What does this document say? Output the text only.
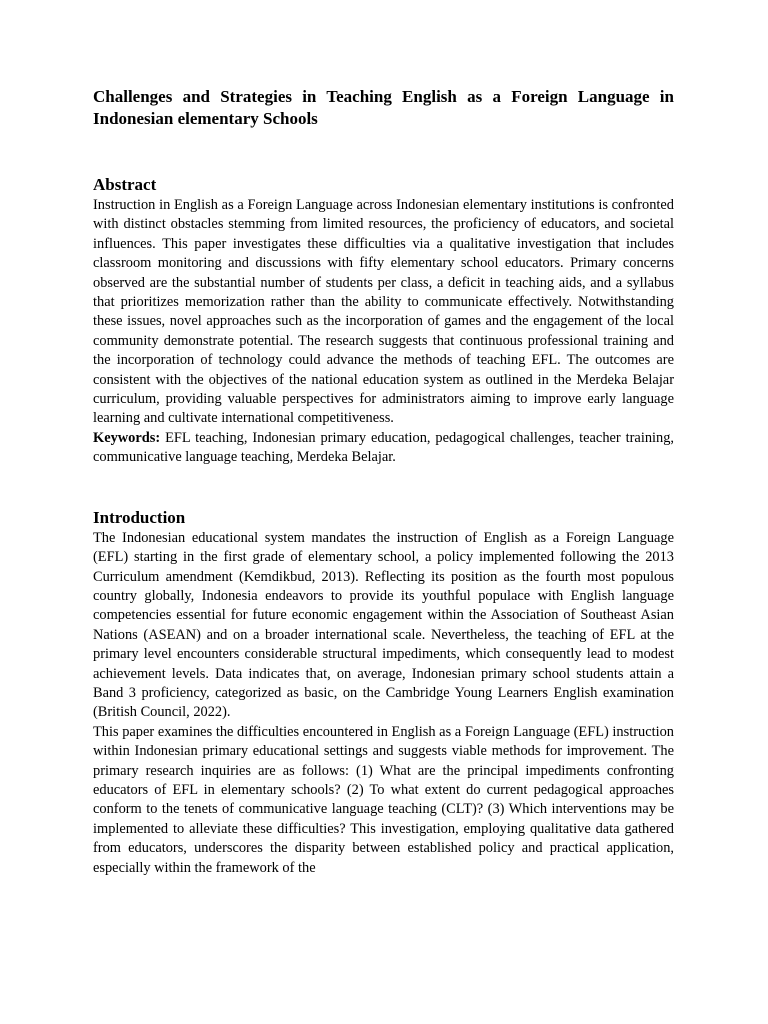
Challenges and Strategies in Teaching English as a Foreign Language in Indonesian elementary Schools
Abstract

Instruction in English as a Foreign Language across Indonesian elementary institutions is confronted with distinct obstacles stemming from limited resources, the proficiency of educators, and societal influences. This paper investigates these difficulties via a qualitative investigation that includes classroom monitoring and discussions with fifty elementary school educators. Primary concerns observed are the substantial number of students per class, a deficit in teaching aids, and a syllabus that prioritizes memorization rather than the ability to communicate effectively. Notwithstanding these issues, novel approaches such as the incorporation of games and the engagement of the local community demonstrate potential. The research suggests that continuous professional training and the incorporation of technology could advance the methods of teaching EFL. The outcomes are consistent with the objectives of the national education system as outlined in the Merdeka Belajar curriculum, providing valuable perspectives for administrators aiming to improve early language learning and cultivate international competitiveness.

Keywords: EFL teaching, Indonesian primary education, pedagogical challenges, teacher training, communicative language teaching, Merdeka Belajar.

Introduction

The Indonesian educational system mandates the instruction of English as a Foreign Language (EFL) starting in the first grade of elementary school, a policy implemented following the 2013 Curriculum amendment (Kemdikbud, 2013). Reflecting its position as the fourth most populous country globally, Indonesia endeavors to provide its youthful populace with English language competencies essential for future economic engagement within the Association of Southeast Asian Nations (ASEAN) and on a broader international scale. Nevertheless, the teaching of EFL at the primary level encounters considerable structural impediments, which consequently lead to modest achievement levels. Data indicates that, on average, Indonesian primary school students attain a Band 3 proficiency, categorized as basic, on the Cambridge Young Learners English examination (British Council, 2022).

This paper examines the difficulties encountered in English as a Foreign Language (EFL) instruction within Indonesian primary educational settings and suggests viable methods for improvement. The primary research inquiries are as follows: (1) What are the principal impediments confronting educators of EFL in elementary schools? (2) To what extent do current pedagogical approaches conform to the tenets of communicative language teaching (CLT)? (3) Which interventions may be implemented to alleviate these difficulties? This investigation, employing qualitative data gathered from educators, underscores the disparity between established policy and practical application, especially within the framework of the
